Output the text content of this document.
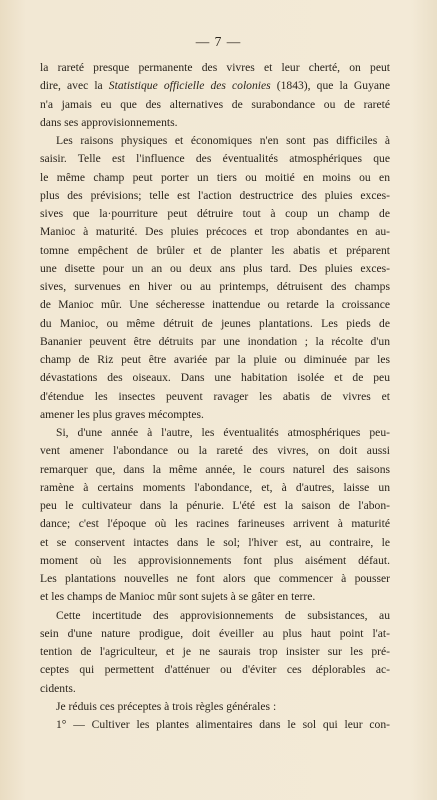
— 7 —
la rareté presque permanente des vivres et leur cherté, on peut
dire, avec la Statistique officielle des colonies (1843), que la Guyane
n'a jamais eu que des alternatives de surabondance ou de rareté
dans ses approvisionnements.
Les raisons physiques et économiques n'en sont pas difficiles à
saisir. Telle est l'influence des éventualités atmosphériques que
le même champ peut porter un tiers ou moitié en moins ou en
plus des prévisions; telle est l'action destructrice des pluies exces-
sives que la·pourriture peut détruire tout à coup un champ de
Manioc à maturité. Des pluies précoces et trop abondantes en au-
tomne empêchent de brûler et de planter les abatis et préparent
une disette pour un an ou deux ans plus tard. Des pluies exces-
sives, survenues en hiver ou au printemps, détruisent des champs
de Manioc mûr. Une sécheresse inattendue ou retarde la croissance
du Manioc, ou même détruit de jeunes plantations. Les pieds de
Bananier peuvent être détruits par une inondation ; la récolte d'un
champ de Riz peut être avariée par la pluie ou diminuée par les
dévastations des oiseaux. Dans une habitation isolée et de peu
d'étendue les insectes peuvent ravager les abatis de vivres et
amener les plus graves mécomptes.
Si, d'une année à l'autre, les éventualités atmosphériques peu-
vent amener l'abondance ou la rareté des vivres, on doit aussi
remarquer que, dans la même année, le cours naturel des saisons
ramène à certains moments l'abondance, et, à d'autres, laisse un
peu le cultivateur dans la pénurie. L'été est la saison de l'abon-
dance; c'est l'époque où les racines farineuses arrivent à maturité
et se conservent intactes dans le sol; l'hiver est, au contraire, le
moment où les approvisionnements font plus aisément défaut.
Les plantations nouvelles ne font alors que commencer à pousser
et les champs de Manioc mûr sont sujets à se gâter en terre.
Cette incertitude des approvisionnements de subsistances, au
sein d'une nature prodigue, doit éveiller au plus haut point l'at-
tention de l'agriculteur, et je ne saurais trop insister sur les pré-
ceptes qui permettent d'atténuer ou d'éviter ces déplorables ac-
cidents.
Je réduis ces préceptes à trois règles générales :
1° — Cultiver les plantes alimentaires dans le sol qui leur con-
